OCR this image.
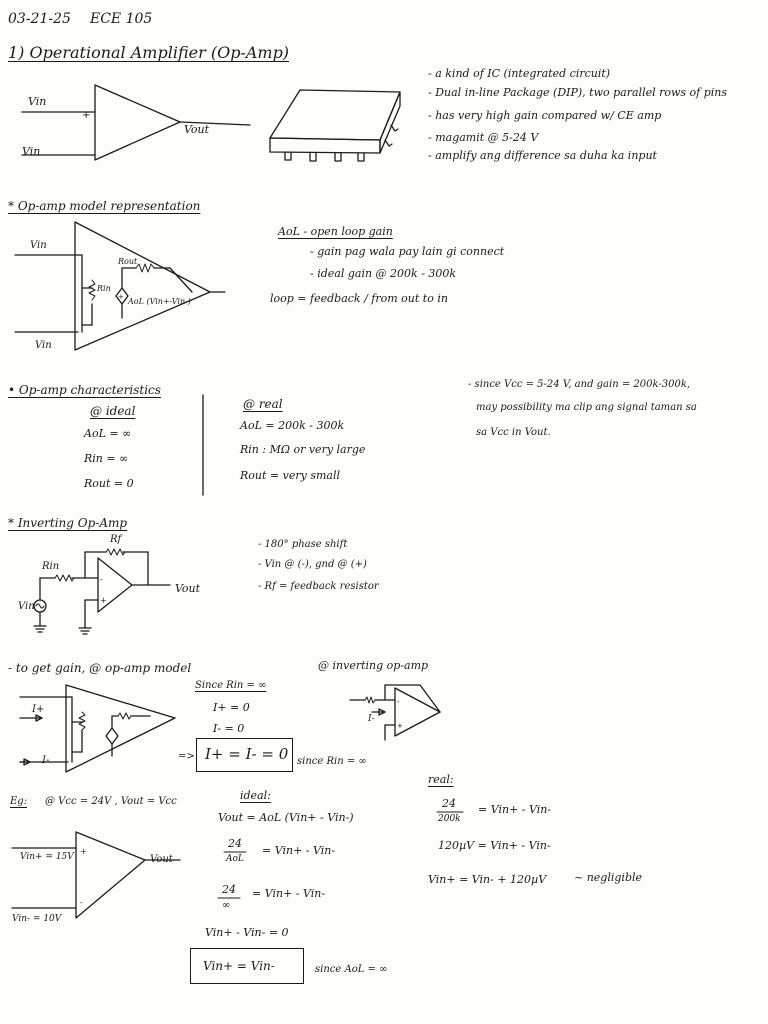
03-21-25 ECE 105
1) Operational Amplifier (Op-Amp)
+
-
Vin
Vin
Vout
- a kind of IC (integrated circuit)
- Dual in-line Package (DIP), two parallel rows of pins
- has very high gain compared w/ CE amp
- magamit @ 5-24 V
- amplify ang difference sa duha ka input
* Op-amp model representation
+
Vin
Vin
Rout
Rin
AoL (Vin+-Vin-)
AoL - open loop gain
- gain pag wala pay lain gi connect
- ideal gain @ 200k - 300k
loop = feedback / from out to in
• Op-amp characteristics
@ ideal
AoL = ∞
Rin = ∞
Rout = 0
@ real
AoL = 200k - 300k
Rin : MΩ or very large
Rout = very small
- since Vcc = 5-24 V, and gain = 200k-300k,
may possibility ma clip ang signal taman sa
sa Vcc in Vout.
* Inverting Op-Amp
-
+
Rf
Rin
Vin
Vout
- 180° phase shift
- Vin @ (-), gnd @ (+)
- Rf = feedback resistor
- to get gain, @ op-amp model
I+
I-
Since Rin = ∞
I+ = 0
I- = 0
=> I+ = I- = 0 since Rin = ∞
@ inverting op-amp
-
+
I-
Eg: @ Vcc = 24V , Vout = Vcc
+
-
Vin+ = 15V
Vin- = 10V
Vout
ideal:
Vout = AoL (Vin+ - Vin-)
24
AoL
= Vin+ - Vin-
24
∞
= Vin+ - Vin-
Vin+ - Vin- = 0
Vin+ = Vin-	since AoL = ∞
real:
24
200k
= Vin+ - Vin-
120µV = Vin+ - Vin-
Vin+ = Vin- + 120µV	~ negligible
